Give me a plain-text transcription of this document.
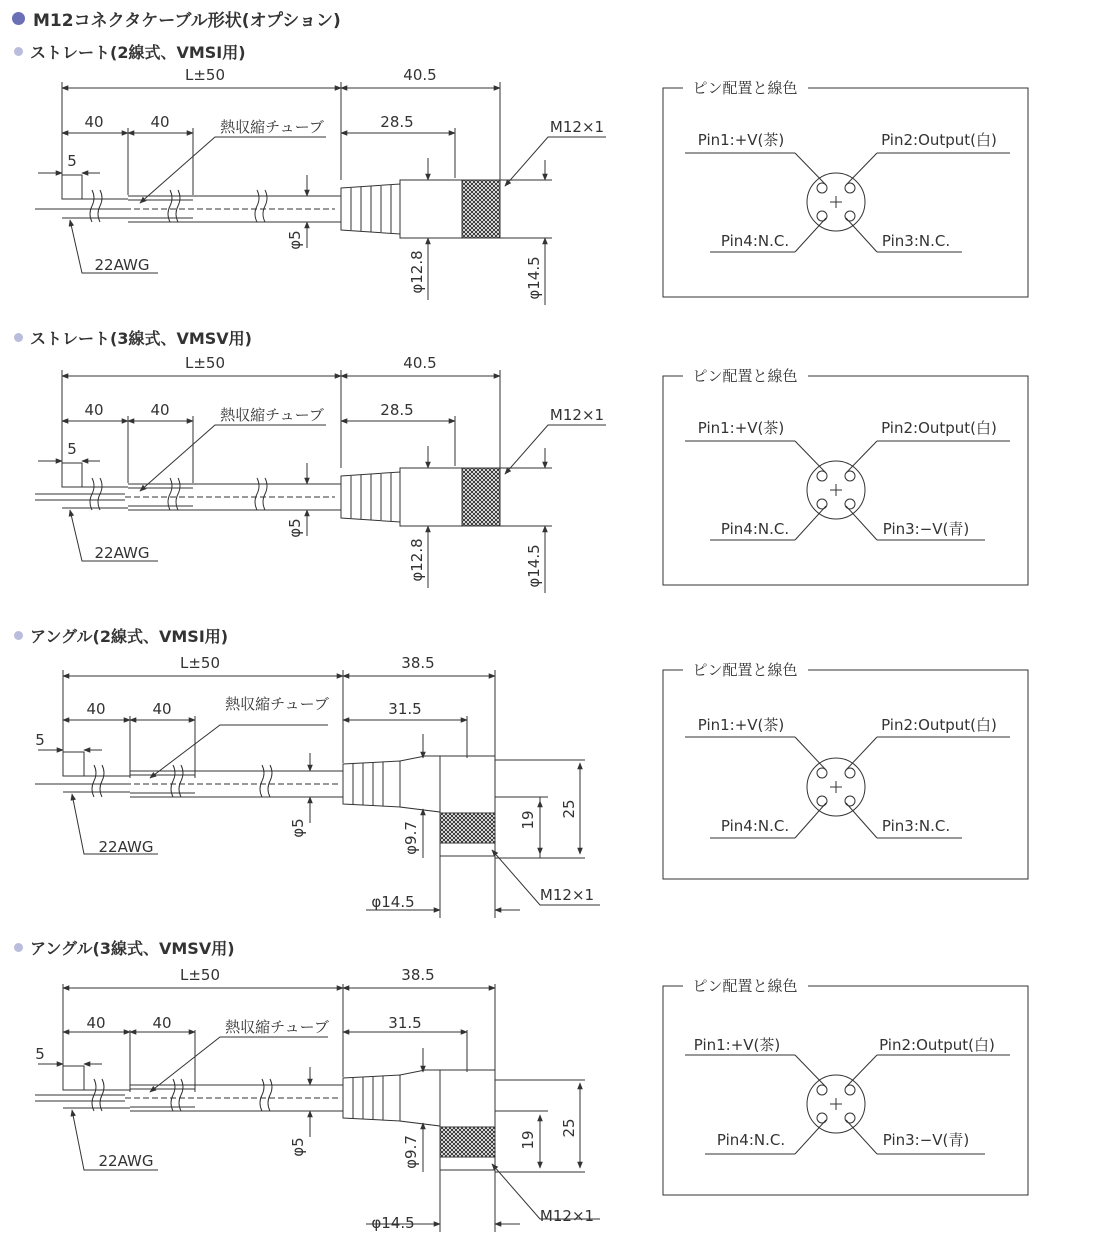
M12コネクタケーブル形状(オプション)
ストレート(2線式、VMSI用)
ストレート(3線式、VMSV用)
アングル(2線式、VMSI用)
アングル(3線式、VMSV用)
L±50	40.5
40	40	28.5
5
熱収縮チューブ	M12×1
22AWG
φ5
φ12.8	φ14.5
ピン配置と線色
Pin1:+V(茶)	Pin2:Output(白)
Pin4:N.C.	Pin3:N.C.
L±50	40.5
40	40	28.5
5
熱収縮チューブ	M12×1
22AWG
φ5
φ12.8	φ14.5
ピン配置と線色
Pin1:+V(茶)	Pin2:Output(白)
Pin4:N.C.	Pin3:−V(青)
L±50	38.5
40	40	31.5
5
熱収縮チューブ
M12×1
22AWG
φ14.5
φ5	φ9.7
19
25
ピン配置と線色
Pin1:+V(茶)	Pin2:Output(白)
Pin4:N.C.	Pin3:N.C.
L±50	38.5
40	40	31.5
5
熱収縮チューブ
M12×1
22AWG
φ14.5
φ5	φ9.7	19
25
ピン配置と線色
Pin1:+V(茶)	Pin2:Output(白)
Pin4:N.C.	Pin3:−V(青)
